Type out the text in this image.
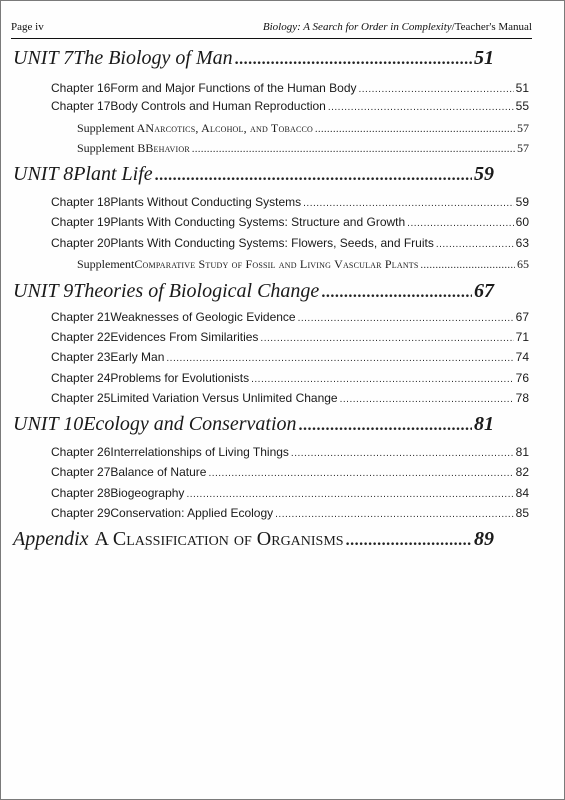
Page iv	Biology: A Search for Order in Complexity/Teacher's Manual
UNIT 7 The Biology of Man .....	51
Chapter 16 Form and Major Functions of the Human Body .....	51
Chapter 17 Body Controls and Human Reproduction .....	55
Supplement A Narcotics, Alcohol, and Tobacco .....	57
Supplement B Behavior .....	57
UNIT 8 Plant Life .....	59
Chapter 18 Plants Without Conducting Systems .....	59
Chapter 19 Plants With Conducting Systems: Structure and Growth .....	60
Chapter 20 Plants With Conducting Systems: Flowers, Seeds, and Fruits .....	63
Supplement Comparative Study of Fossil and Living Vascular Plants .....	65
UNIT 9 Theories of Biological Change .....	67
Chapter 21 Weaknesses of Geologic Evidence .....	67
Chapter 22 Evidences From Similarities .....	71
Chapter 23 Early Man .....	74
Chapter 24 Problems for Evolutionists .....	76
Chapter 25 Limited Variation Versus Unlimited Change .....	78
UNIT 10 Ecology and Conservation .....	81
Chapter 26 Interrelationships of Living Things .....	81
Chapter 27 Balance of Nature .....	82
Chapter 28 Biogeography .....	84
Chapter 29 Conservation: Applied Ecology .....	85
Appendix A Classification of Organisms .....	89
